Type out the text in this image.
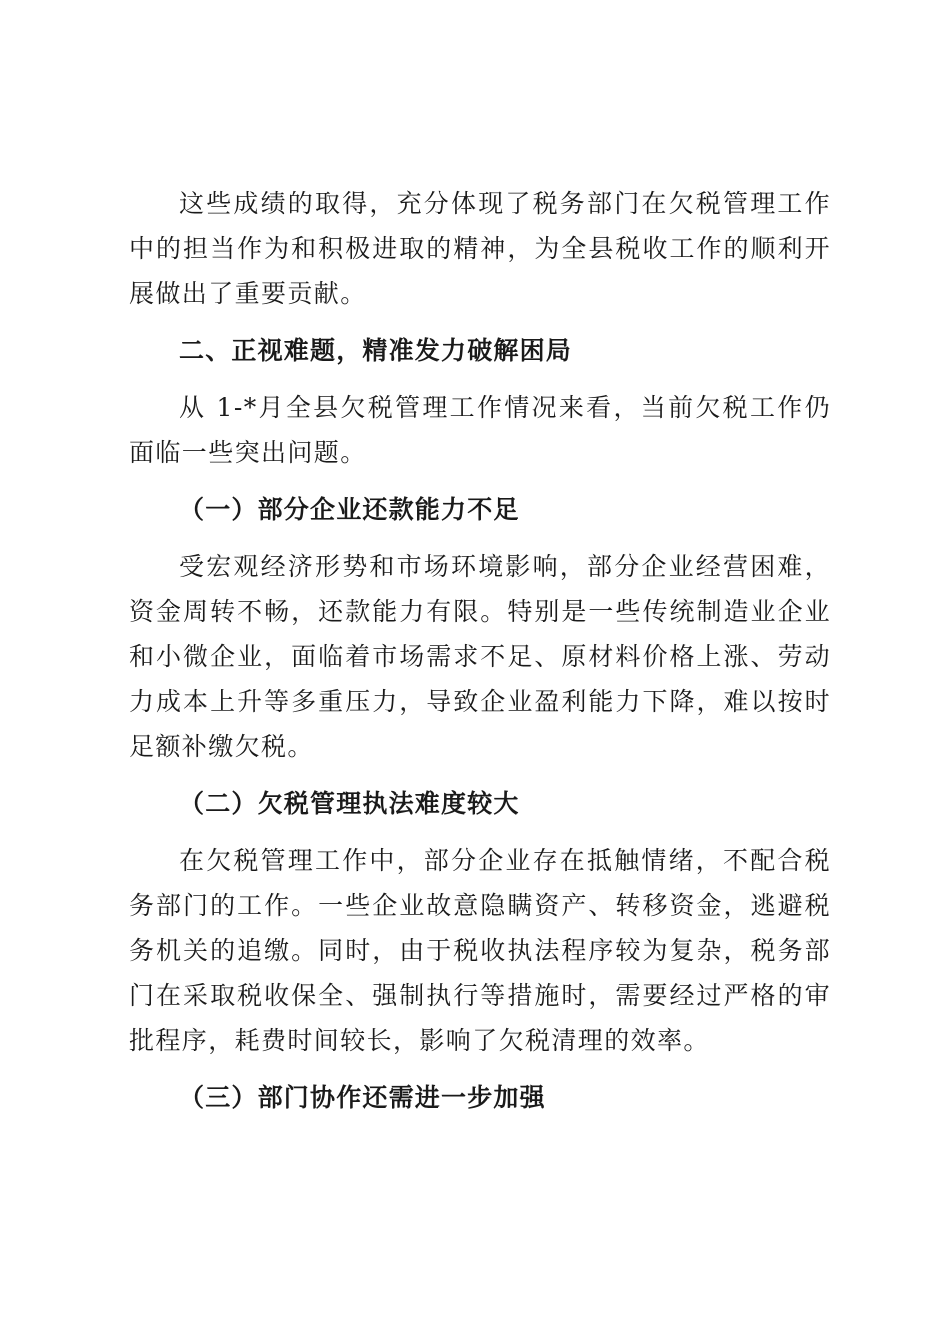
这些成绩的取得，充分体现了税务部门在欠税管理工作中的担当作为和积极进取的精神，为全县税收工作的顺利开展做出了重要贡献。

二、正视难题，精准发力破解困局

从 1-*月全县欠税管理工作情况来看，当前欠税工作仍面临一些突出问题。

（一）部分企业还款能力不足

受宏观经济形势和市场环境影响，部分企业经营困难，资金周转不畅，还款能力有限。特别是一些传统制造业企业和小微企业，面临着市场需求不足、原材料价格上涨、劳动力成本上升等多重压力，导致企业盈利能力下降，难以按时足额补缴欠税。

（二）欠税管理执法难度较大

在欠税管理工作中，部分企业存在抵触情绪，不配合税务部门的工作。一些企业故意隐瞒资产、转移资金，逃避税务机关的追缴。同时，由于税收执法程序较为复杂，税务部门在采取税收保全、强制执行等措施时，需要经过严格的审批程序，耗费时间较长，影响了欠税清理的效率。

（三）部门协作还需进一步加强
